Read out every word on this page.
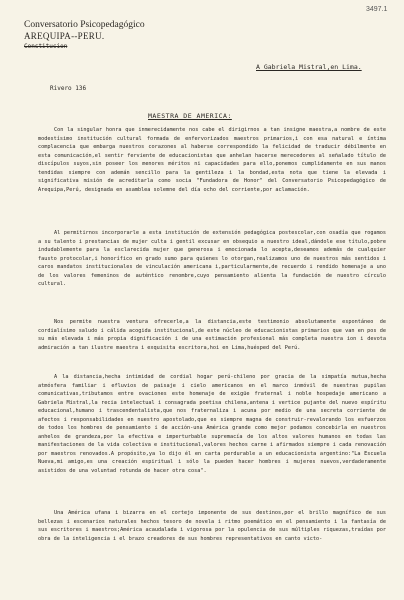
3497.1

Conversatorio Psicopedagógico

AREQUIPA--PERU.

Constitucion

A Gabriela Mistral,en Lima.
Rivero 136
MAESTRA DE AMERICA:

Con la singular honra que inmerecidamente nos cabe el dirigirnos a tan insigne maestra,a nombre de este modestísimo institución cultural formada de enfervorizados maestros primarios,i con esa natural e íntima complacencia que embarga nuestros corazones al haberse correspondido la felicidad de traducir débilmente en esta comunicación,el sentir ferviente de educacionistas que anhelan hacerse merecedores al señalado título de discípulos suyos,sin poseer los menores méritos ni capacidades para ello,ponemos cumplidamente en sus manos tendidas siempre con ademán sencillo para la gentileza i la bondad,esta nota que tiene la elevada i significativa misión de acreditarla como socia "Fundadora de Honor" del Conversatorio Psicopedagógico de Arequipa,Perú, designada en asamblea solemne del día ocho del corriente,por aclamación.

Al permitirnos incorporarle a esta institución de extensión pedagógica postescolar,con osadía que rogamos a su talento i prestancias de mujer culta i gentil excusar en obsequio a nuestro ideal,dándole ese título,pobre indudablemente para la esclarecida mujer que generosa i emocionada lo acepta,deseamos además de cualquier fausto protocolar,i honorífico en grado sumo para quienes lo otorgan,realizamos uno de nuestros más sentidos i caros mandatos institucionales de vinculación americana i,particularmente,de recuerdo i rendido homenaje a uno de los valores femeninos de auténtico renombre,cuyo pensamiento alienta la fundación de nuestro círculo cultural.

Nos permite nuestra ventura ofrecerle,a la distancia,este testimonio absolutamente espontáneo de cordialísimo saludo i cálida acogida institucional,de este núcleo de educacionistas primarios que van en pos de su más elevada i más propia dignificación i de una estimación profesional más completa nuestra ion i devota admiración a tan ilustre maestra i exquisita escritora,hoi en Lima,huésped del Perú.

A la distancia,hecha intimidad de cordial hogar perú-chileno por gracia de la simpatía mutua,hecha atmósfera familiar i efluvios de paisaje i cielo americanos en el marco inmóvil de nuestras pupilas comunicativas,tributamos entre ovaciones este homenaje de exigüe fraternal i noble hospedaje americano a Gabriela Mistral,la recia intelectual i consagrada poetisa chilena,antena i vertice pujante del nuevo espíritu educacional,humano i trascendentalista,que nos fraternaliza i acuna por medio de una secreta corriente de afectos i responsabilidades en nuestro apostolado,que es siempre magna de construir-revalorando los esfuerzos de todos los hombres de pensamiento i de acción-una América grande como mejor podamos concebirla en nuestros anhelos de grandeza,por la efectiva e imperturbable supremacía de los altos valores humanos en todas las manifestaciones de la vida colectiva e institucional,valores hechos carne i afirmados siempre i cada renovación por maestros renovados.A propósito,ya lo dijo él en carta perdurable a un educacionista argentino:"La Escuela Nueva,mi amigo,es una creación espiritual i sólo la pueden hacer hombres i mujeres nuevos,verdaderamente asistidos de una voluntad rotunda de hacer otra cosa".

Una América ufana i bizarra en el cortejo imponente de sus destinos,por el brillo magnífico de sus bellezas i escenarios naturales hechos tesoro de novela i ritmo poemático en el pensamiento i la fantasía de sus escritores i maestros;América acaudalada i vigorosa por la opulencia de sus múltiples riquezas,traídas por obra de la inteligencia i el brazo creadores de sus hombres representativos en canto victo-
